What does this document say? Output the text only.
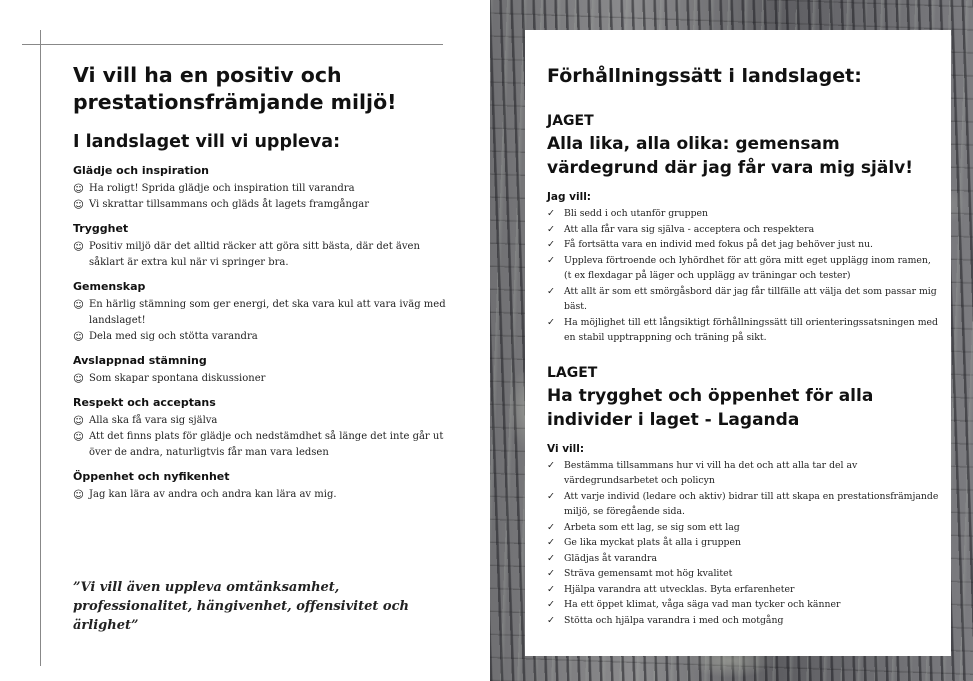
Vi vill ha en positiv och prestationsfrämjande miljö!
I landslaget vill vi uppleva:
Glädje och inspiration
☺ Ha roligt! Sprida glädje och inspiration till varandra
☺ Vi skrattar tillsammans och gläds åt lagets framgångar
Trygghet
☺ Positiv miljö där det alltid räcker att göra sitt bästa, där det även såklart är extra kul när vi springer bra.
Gemenskap
☺ En härlig stämning som ger energi, det ska vara kul att vara iväg med landslaget!
☺ Dela med sig och stötta varandra
Avslappnad stämning
☺ Som skapar spontana diskussioner
Respekt och acceptans
☺ Alla ska få vara sig själva
☺ Att det finns plats för glädje och nedstämdhet så länge det inte går ut över de andra, naturligtvis får man vara ledsen
Öppenhet och nyfikenhet
☺ Jag kan lära av andra och andra kan lära av mig.

”Vi vill även uppleva omtänksamhet, professionalitet, hängivenhet, offensivitet och ärlighet”

Förhållningssätt i landslaget:
JAGET
Alla lika, alla olika: gemensam värdegrund där jag får vara mig själv!
Jag vill:
✓ Bli sedd i och utanför gruppen
✓ Att alla får vara sig själva - acceptera och respektera
✓ Få fortsätta vara en individ med fokus på det jag behöver just nu.
✓ Uppleva förtroende och lyhördhet för att göra mitt eget upplägg inom ramen, (t ex flexdagar på läger och upplägg av träningar och tester)
✓ Att allt är som ett smörgåsbord där jag får tillfälle att välja det som passar mig bäst.
✓ Ha möjlighet till ett långsiktigt förhållningssätt till orienteringssatsningen med en stabil upptrappning och träning på sikt.
LAGET
Ha trygghet och öppenhet för alla individer i laget - Laganda
Vi vill:
✓ Bestämma tillsammans hur vi vill ha det och att alla tar del av värdegrundsarbetet och policyn
✓ Att varje individ (ledare och aktiv) bidrar till att skapa en prestationsfrämjande miljö, se föregående sida.
✓ Arbeta som ett lag, se sig som ett lag
✓ Ge lika myckat plats åt alla i gruppen
✓ Glädjas åt varandra
✓ Sträva gemensamt mot hög kvalitet
✓ Hjälpa varandra att utvecklas. Byta erfarenheter
✓ Ha ett öppet klimat, våga säga vad man tycker och känner
✓ Stötta och hjälpa varandra i med och motgång
